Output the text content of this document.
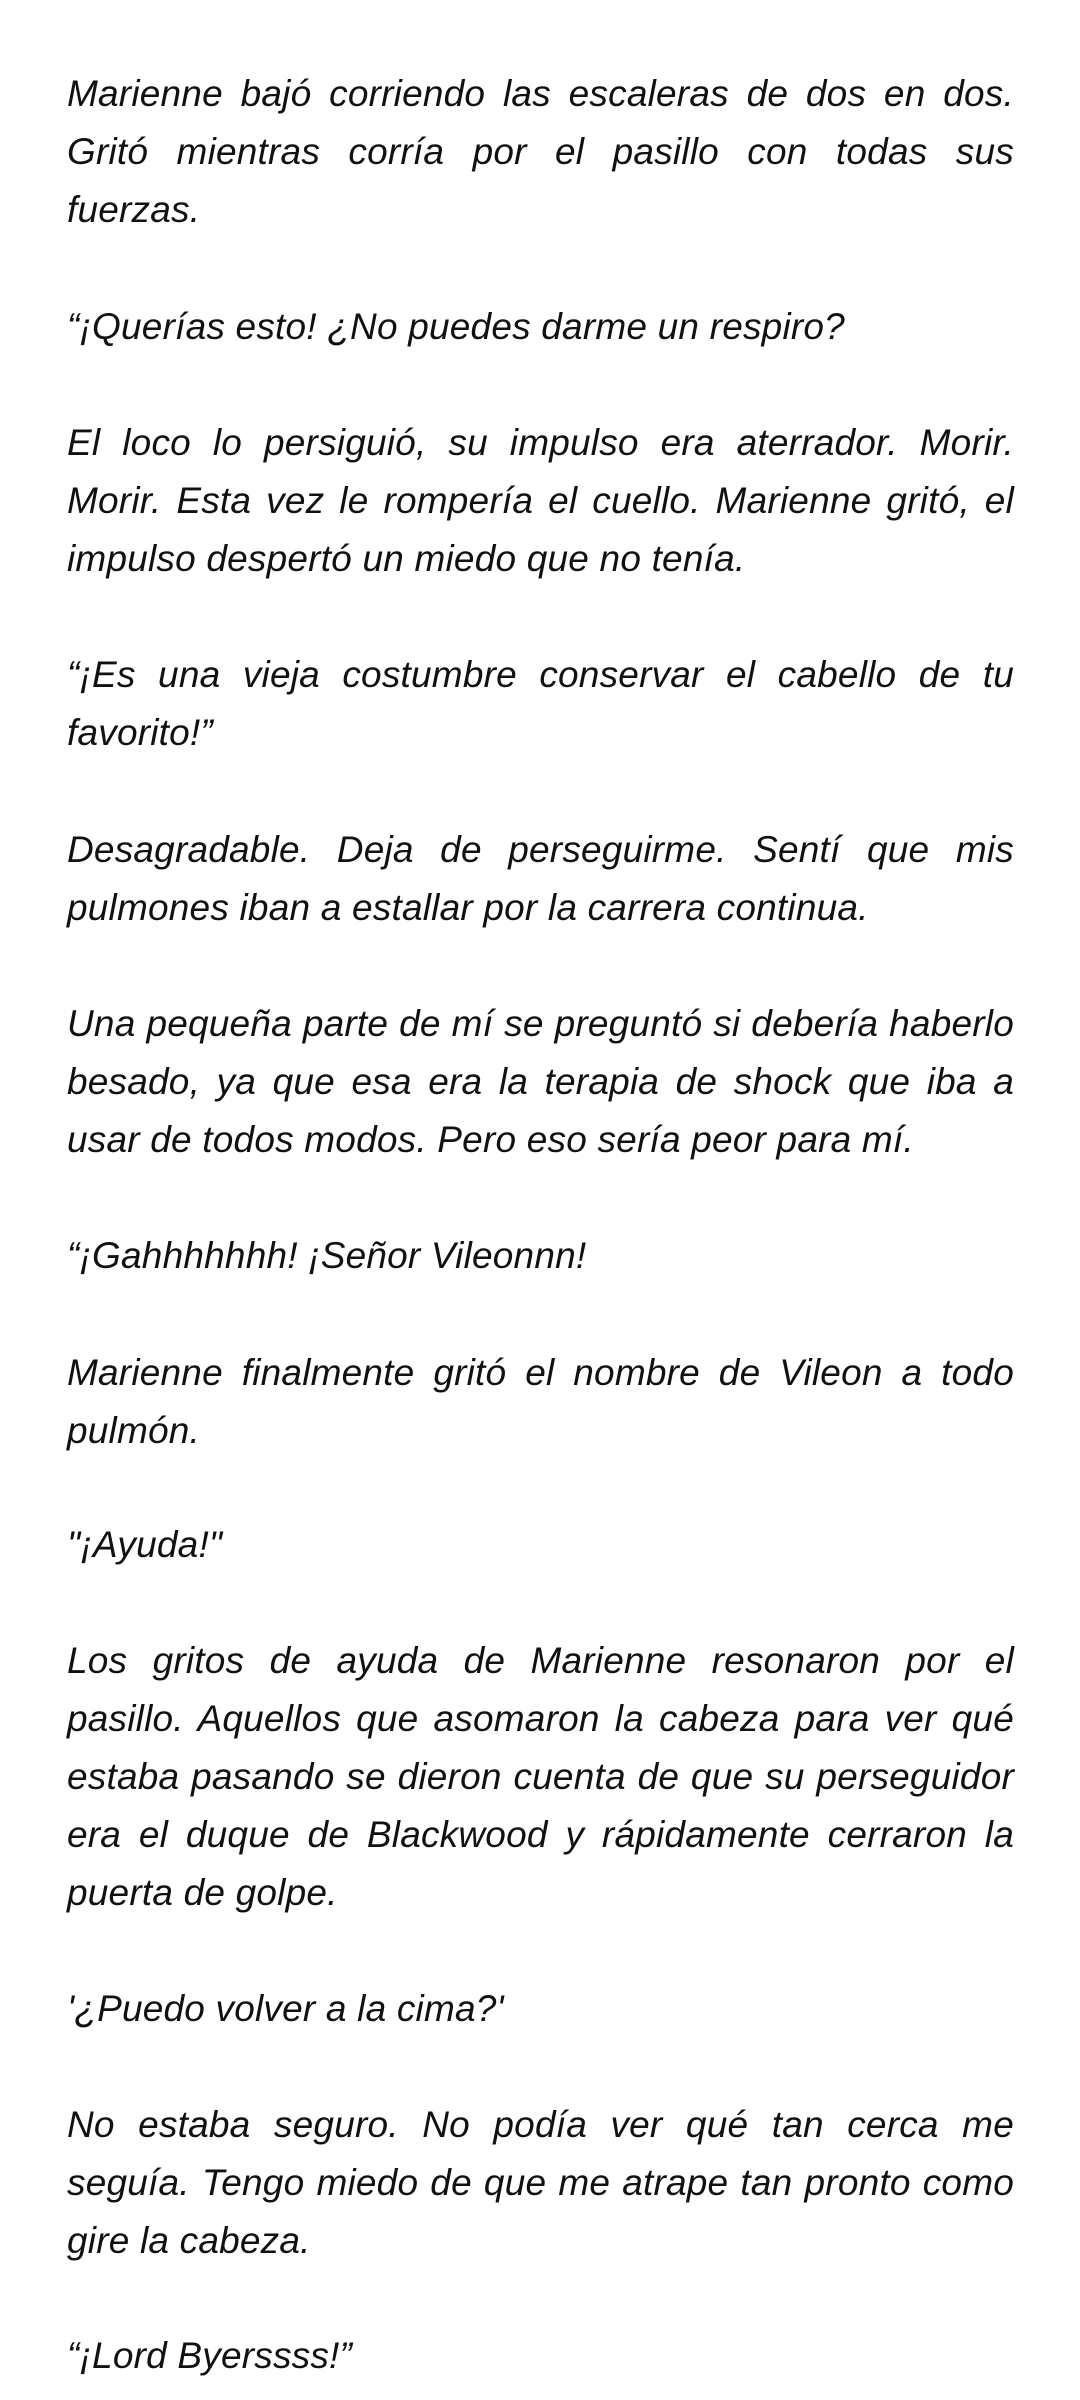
Marienne bajó corriendo las escaleras de dos en dos. Gritó mientras corría por el pasillo con todas sus fuerzas.

“¡Querías esto! ¿No puedes darme un respiro?

El loco lo persiguió, su impulso era aterrador. Morir. Morir. Esta vez le rompería el cuello. Marienne gritó, el impulso despertó un miedo que no tenía.

“¡Es una vieja costumbre conservar el cabello de tu favorito!”

Desagradable. Deja de perseguirme. Sentí que mis pulmones iban a estallar por la carrera continua.

Una pequeña parte de mí se preguntó si debería haberlo besado, ya que esa era la terapia de shock que iba a usar de todos modos. Pero eso sería peor para mí.

“¡Gahhhhhhh! ¡Señor Vileonnn!

Marienne finalmente gritó el nombre de Vileon a todo pulmón.

"¡Ayuda!"

Los gritos de ayuda de Marienne resonaron por el pasillo. Aquellos que asomaron la cabeza para ver qué estaba pasando se dieron cuenta de que su perseguidor era el duque de Blackwood y rápidamente cerraron la puerta de golpe.

'¿Puedo volver a la cima?'

No estaba seguro. No podía ver qué tan cerca me seguía. Tengo miedo de que me atrape tan pronto como gire la cabeza.

“¡Lord Byerssss!”
